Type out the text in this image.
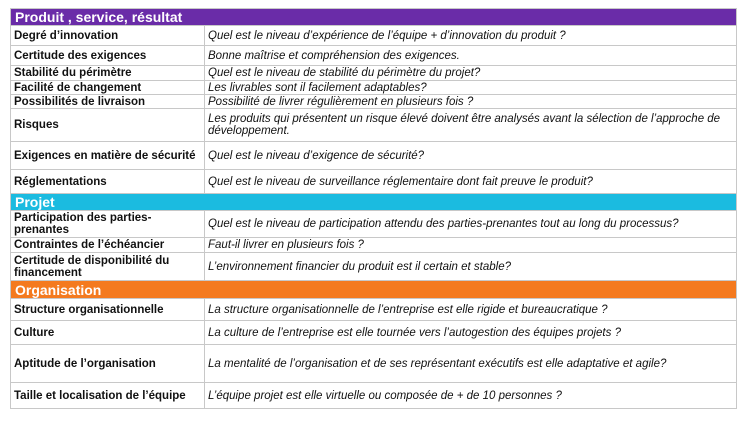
Produit , service, résultat	
Degré d’innovation	Quel est le niveau d’expérience de l’équipe + d’innovation du produit ?
Certitude des exigences	Bonne maîtrise et compréhension des exigences.
Stabilité du périmètre	Quel est le niveau de stabilité du périmètre du projet?
Facilité de changement	Les livrables sont il facilement adaptables?
Possibilités de livraison	Possibilité de livrer régulièrement en plusieurs fois ?
Risques	Les produits qui présentent un risque élevé doivent être analysés avant la sélection de l’approche de développement.
Exigences en matière de sécurité	Quel est le niveau d’exigence de sécurité?
Réglementations	Quel est le niveau de surveillance réglementaire dont fait preuve le produit?
Projet	
Participation des parties-prenantes	Quel est le niveau de participation attendu des parties-prenantes tout au long du processus?
Contraintes de l’échéancier	Faut-il livrer en plusieurs fois ?
Certitude de disponibilité du financement	L’environnement financier du produit est il certain et stable?
Organisation	
Structure organisationnelle	La structure organisationnelle de l’entreprise est elle rigide et bureaucratique ?
Culture	La culture de l’entreprise est elle tournée vers l’autogestion des équipes projets ?
Aptitude de l’organisation	La mentalité de l’organisation et de ses représentant exécutifs est elle adaptative et agile?
Taille et localisation de l’équipe	L’équipe projet est elle virtuelle ou composée de + de 10 personnes ?
